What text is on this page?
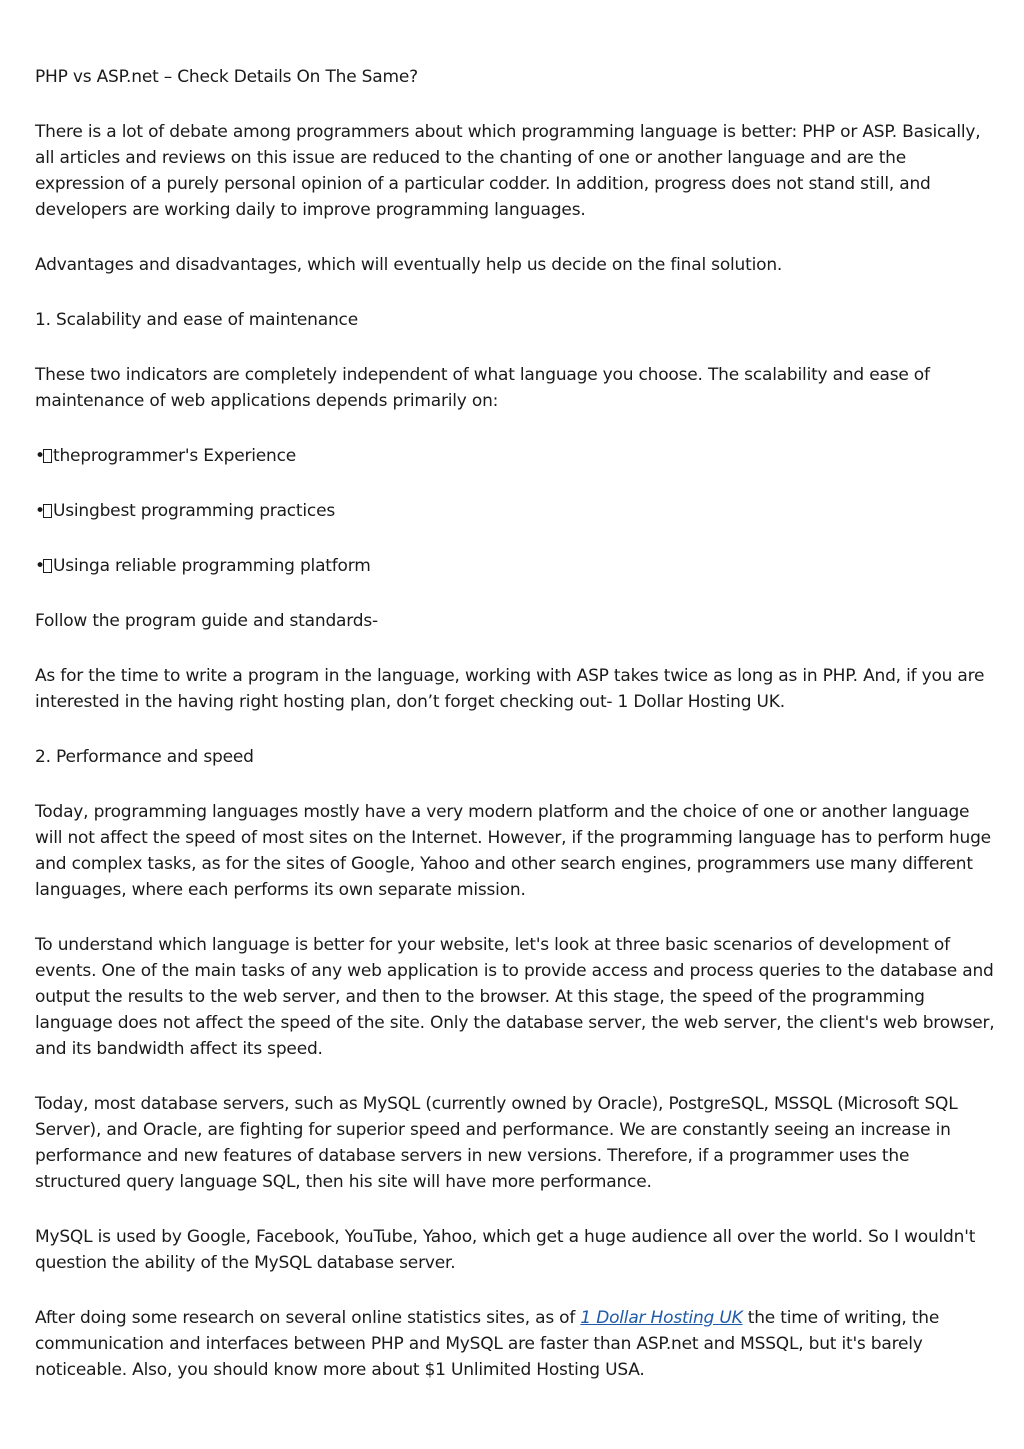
PHP vs ASP.net – Check Details On The Same?

There is a lot of debate among programmers about which programming language is better: PHP or ASP. Basically, all articles and reviews on this issue are reduced to the chanting of one or another language and are the expression of a purely personal opinion of a particular codder. In addition, progress does not stand still, and developers are working daily to improve programming languages.

Advantages and disadvantages, which will eventually help us decide on the final solution.

1. Scalability and ease of maintenance

These two indicators are completely independent of what language you choose. The scalability and ease of maintenance of web applications depends primarily on:

• the programmer's Experience
• Using best programming practices
• Using a reliable programming platform

Follow the program guide and standards-

As for the time to write a program in the language, working with ASP takes twice as long as in PHP. And, if you are interested in the having right hosting plan, don’t forget checking out- 1 Dollar Hosting UK.

2. Performance and speed

Today, programming languages mostly have a very modern platform and the choice of one or another language will not affect the speed of most sites on the Internet. However, if the programming language has to perform huge and complex tasks, as for the sites of Google, Yahoo and other search engines, programmers use many different languages, where each performs its own separate mission.

To understand which language is better for your website, let's look at three basic scenarios of development of events. One of the main tasks of any web application is to provide access and process queries to the database and output the results to the web server, and then to the browser. At this stage, the speed of the programming language does not affect the speed of the site. Only the database server, the web server, the client's web browser, and its bandwidth affect its speed.

Today, most database servers, such as MySQL (currently owned by Oracle), PostgreSQL, MSSQL (Microsoft SQL Server), and Oracle, are fighting for superior speed and performance. We are constantly seeing an increase in performance and new features of database servers in new versions. Therefore, if a programmer uses the structured query language SQL, then his site will have more performance.

MySQL is used by Google, Facebook, YouTube, Yahoo, which get a huge audience all over the world. So I wouldn't question the ability of the MySQL database server.

After doing some research on several online statistics sites, as of 1 Dollar Hosting UK the time of writing, the communication and interfaces between PHP and MySQL are faster than ASP.net and MSSQL, but it's barely noticeable. Also, you should know more about $1 Unlimited Hosting USA.
